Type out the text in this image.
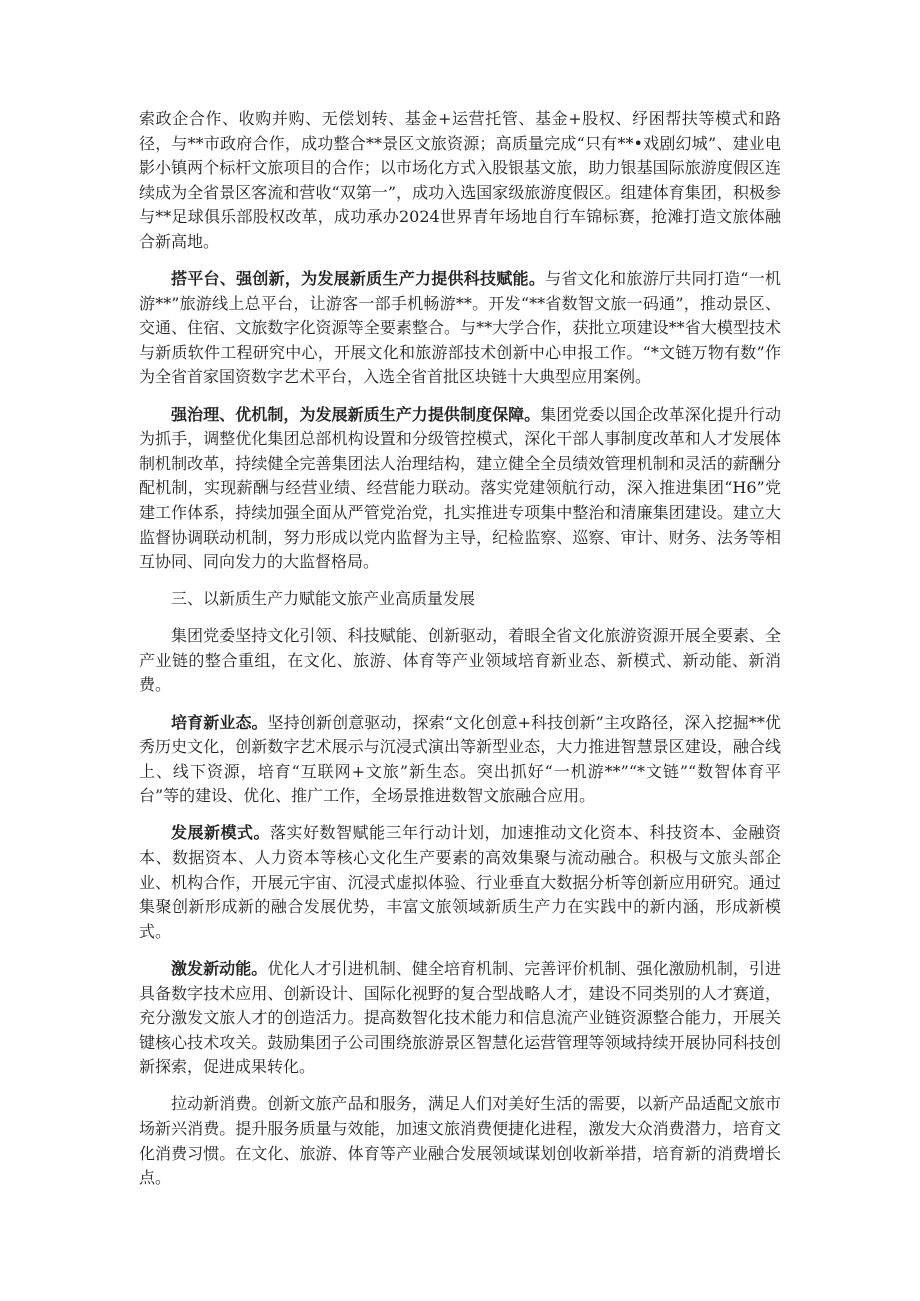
索政企合作、收购并购、无偿划转、基金+运营托管、基金+股权、纾困帮扶等模式和路径，与**市政府合作，成功整合**景区文旅资源；高质量完成“只有**•戏剧幻城”、建业电影小镇两个标杆文旅项目的合作；以市场化方式入股银基文旅，助力银基国际旅游度假区连续成为全省景区客流和营收“双第一”，成功入选国家级旅游度假区。组建体育集团，积极参与**足球俱乐部股权改革，成功承办2024世界青年场地自行车锦标赛，抢滩打造文旅体融合新高地。

搭平台、强创新，为发展新质生产力提供科技赋能。与省文化和旅游厅共同打造“一机游**”旅游线上总平台，让游客一部手机畅游**。开发“**省数智文旅一码通”，推动景区、交通、住宿、文旅数字化资源等全要素整合。与**大学合作，获批立项建设**省大模型技术与新质软件工程研究中心，开展文化和旅游部技术创新中心申报工作。“*文链万物有数”作为全省首家国资数字艺术平台，入选全省首批区块链十大典型应用案例。

强治理、优机制，为发展新质生产力提供制度保障。集团党委以国企改革深化提升行动为抓手，调整优化集团总部机构设置和分级管控模式，深化干部人事制度改革和人才发展体制机制改革，持续健全完善集团法人治理结构，建立健全全员绩效管理机制和灵活的薪酬分配机制，实现薪酬与经营业绩、经营能力联动。落实党建领航行动，深入推进集团“H6”党建工作体系，持续加强全面从严管党治党，扎实推进专项集中整治和清廉集团建设。建立大监督协调联动机制，努力形成以党内监督为主导，纪检监察、巡察、审计、财务、法务等相互协同、同向发力的大监督格局。

三、以新质生产力赋能文旅产业高质量发展

集团党委坚持文化引领、科技赋能、创新驱动，着眼全省文化旅游资源开展全要素、全产业链的整合重组，在文化、旅游、体育等产业领域培育新业态、新模式、新动能、新消费。

培育新业态。坚持创新创意驱动，探索“文化创意+科技创新”主攻路径，深入挖掘**优秀历史文化，创新数字艺术展示与沉浸式演出等新型业态，大力推进智慧景区建设，融合线上、线下资源，培育“互联网+文旅”新生态。突出抓好“一机游**”“*文链”“数智体育平台”等的建设、优化、推广工作，全场景推进数智文旅融合应用。

发展新模式。落实好数智赋能三年行动计划，加速推动文化资本、科技资本、金融资本、数据资本、人力资本等核心文化生产要素的高效集聚与流动融合。积极与文旅头部企业、机构合作，开展元宇宙、沉浸式虚拟体验、行业垂直大数据分析等创新应用研究。通过集聚创新形成新的融合发展优势，丰富文旅领域新质生产力在实践中的新内涵，形成新模式。

激发新动能。优化人才引进机制、健全培育机制、完善评价机制、强化激励机制，引进具备数字技术应用、创新设计、国际化视野的复合型战略人才，建设不同类别的人才赛道，充分激发文旅人才的创造活力。提高数智化技术能力和信息流产业链资源整合能力，开展关键核心技术攻关。鼓励集团子公司围绕旅游景区智慧化运营管理等领域持续开展协同科技创新探索，促进成果转化。

拉动新消费。创新文旅产品和服务，满足人们对美好生活的需要，以新产品适配文旅市场新兴消费。提升服务质量与效能，加速文旅消费便捷化进程，激发大众消费潜力，培育文化消费习惯。在文化、旅游、体育等产业融合发展领域谋划创收新举措，培育新的消费增长点。
